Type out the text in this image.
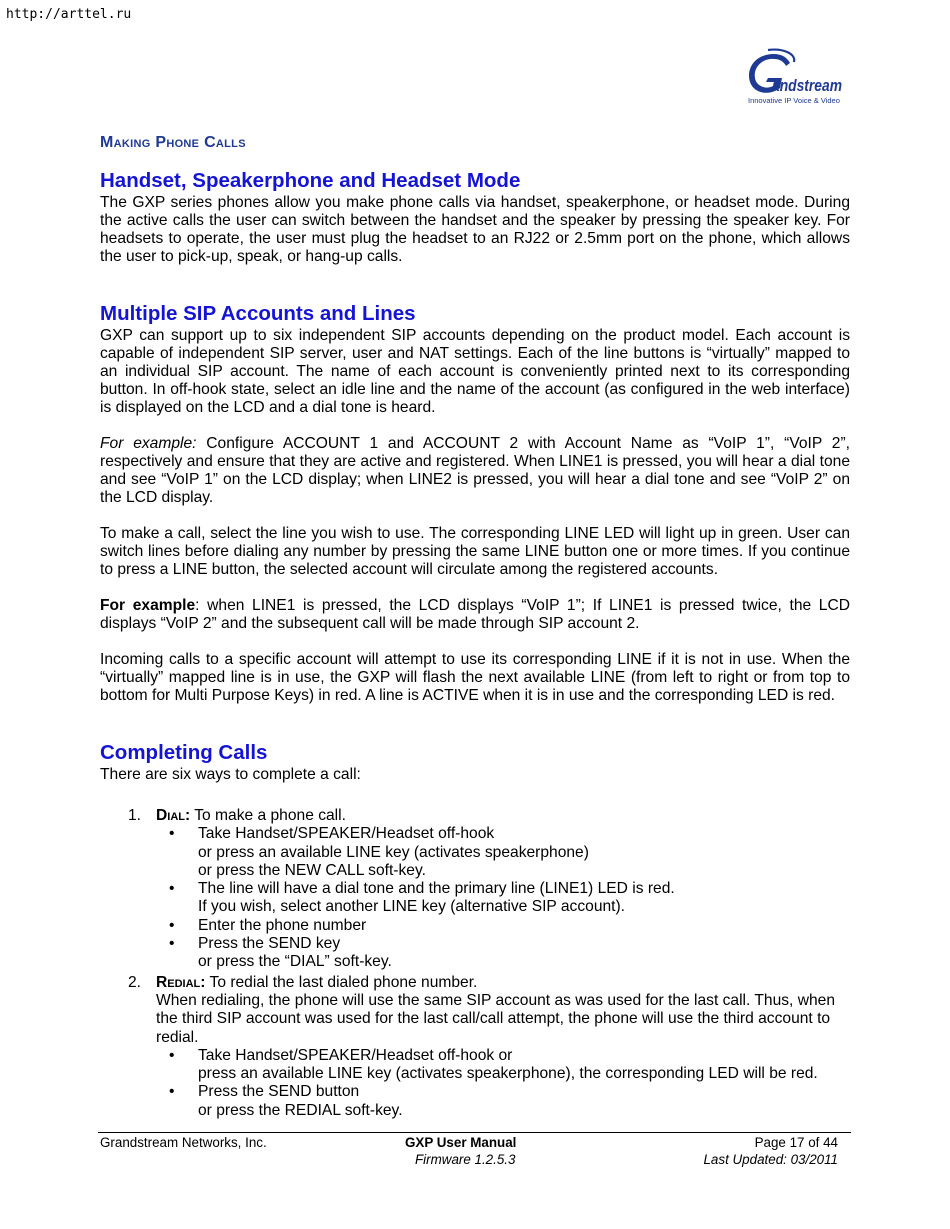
http://arttel.ru
andstream
Innovative IP Voice & Video
Making Phone Calls
Handset, Speakerphone and Headset Mode

The GXP series phones allow you make phone calls via handset, speakerphone, or headset mode. During the active calls the user can switch between the handset and the speaker by pressing the speaker key. For headsets to operate, the user must plug the headset to an RJ22 or 2.5mm port on the phone, which allows the user to pick-up, speak, or hang-up calls.

Multiple SIP Accounts and Lines

GXP can support up to six independent SIP accounts depending on the product model. Each account is capable of independent SIP server, user and NAT settings. Each of the line buttons is “virtually” mapped to an individual SIP account. The name of each account is conveniently printed next to its corresponding button. In off-hook state, select an idle line and the name of the account (as configured in the web interface) is displayed on the LCD and a dial tone is heard.

For example: Configure ACCOUNT 1 and ACCOUNT 2 with Account Name as “VoIP 1”, “VoIP 2”, respectively and ensure that they are active and registered. When LINE1 is pressed, you will hear a dial tone and see “VoIP 1” on the LCD display; when LINE2 is pressed, you will hear a dial tone and see “VoIP 2” on the LCD display.

To make a call, select the line you wish to use. The corresponding LINE LED will light up in green. User can switch lines before dialing any number by pressing the same LINE button one or more times. If you continue to press a LINE button, the selected account will circulate among the registered accounts.

For example: when LINE1 is pressed, the LCD displays “VoIP 1”; If LINE1 is pressed twice, the LCD displays “VoIP 2” and the subsequent call will be made through SIP account 2.

Incoming calls to a specific account will attempt to use its corresponding LINE if it is not in use. When the “virtually” mapped line is in use, the GXP will flash the next available LINE (from left to right or from top to bottom for Multi Purpose Keys) in red. A line is ACTIVE when it is in use and the corresponding LED is red.

Completing Calls

There are six ways to complete a call:

1. Dial: To make a phone call.
• Take Handset/SPEAKER/Headset off-hook
or press an available LINE key (activates speakerphone)
or press the NEW CALL soft-key.
• The line will have a dial tone and the primary line (LINE1) LED is red.
If you wish, select another LINE key (alternative SIP account).
• Enter the phone number
• Press the SEND key
or press the “DIAL” soft-key.
2. Redial: To redial the last dialed phone number.
When redialing, the phone will use the same SIP account as was used for the last call. Thus, when the third SIP account was used for the last call/call attempt, the phone will use the third account to redial.
• Take Handset/SPEAKER/Headset off-hook or
press an available LINE key (activates speakerphone), the corresponding LED will be red.
• Press the SEND button
or press the REDIAL soft-key.
Grandstream Networks, Inc.	GXP User Manual
Firmware 1.2.5.3
Page 17 of 44
Last Updated: 03/2011
